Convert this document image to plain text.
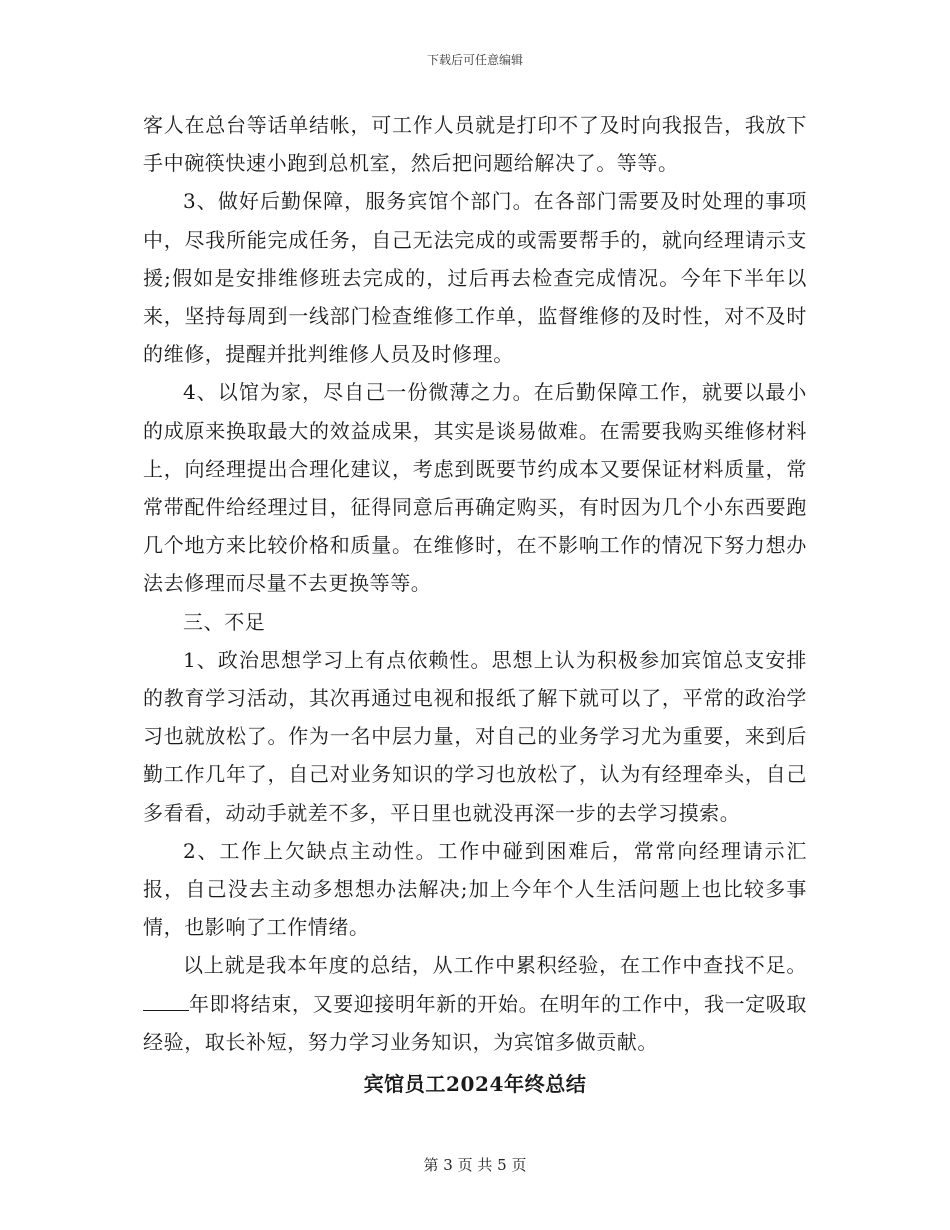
下载后可任意编辑

客人在总台等话单结帐，可工作人员就是打印不了及时向我报告，我放下手中碗筷快速小跑到总机室，然后把问题给解决了。等等。

3、做好后勤保障，服务宾馆个部门。在各部门需要及时处理的事项中，尽我所能完成任务，自己无法完成的或需要帮手的，就向经理请示支援;假如是安排维修班去完成的，过后再去检查完成情况。今年下半年以来，坚持每周到一线部门检查维修工作单，监督维修的及时性，对不及时的维修，提醒并批判维修人员及时修理。

4、以馆为家，尽自己一份微薄之力。在后勤保障工作，就要以最小的成原来换取最大的效益成果，其实是谈易做难。在需要我购买维修材料上，向经理提出合理化建议，考虑到既要节约成本又要保证材料质量，常常带配件给经理过目，征得同意后再确定购买，有时因为几个小东西要跑几个地方来比较价格和质量。在维修时，在不影响工作的情况下努力想办法去修理而尽量不去更换等等。

三、不足

1、政治思想学习上有点依赖性。思想上认为积极参加宾馆总支安排的教育学习活动，其次再通过电视和报纸了解下就可以了，平常的政治学习也就放松了。作为一名中层力量，对自己的业务学习尤为重要，来到后勤工作几年了，自己对业务知识的学习也放松了，认为有经理牵头，自己多看看，动动手就差不多，平日里也就没再深一步的去学习摸索。

2、工作上欠缺点主动性。工作中碰到困难后，常常向经理请示汇报，自己没去主动多想想办法解决;加上今年个人生活问题上也比较多事情，也影响了工作情绪。

以上就是我本年度的总结，从工作中累积经验，在工作中查找不足。年即将结束，又要迎接明年新的开始。在明年的工作中，我一定吸取经验，取长补短，努力学习业务知识，为宾馆多做贡献。

宾馆员工2024年终总结

第 3 页 共 5 页
